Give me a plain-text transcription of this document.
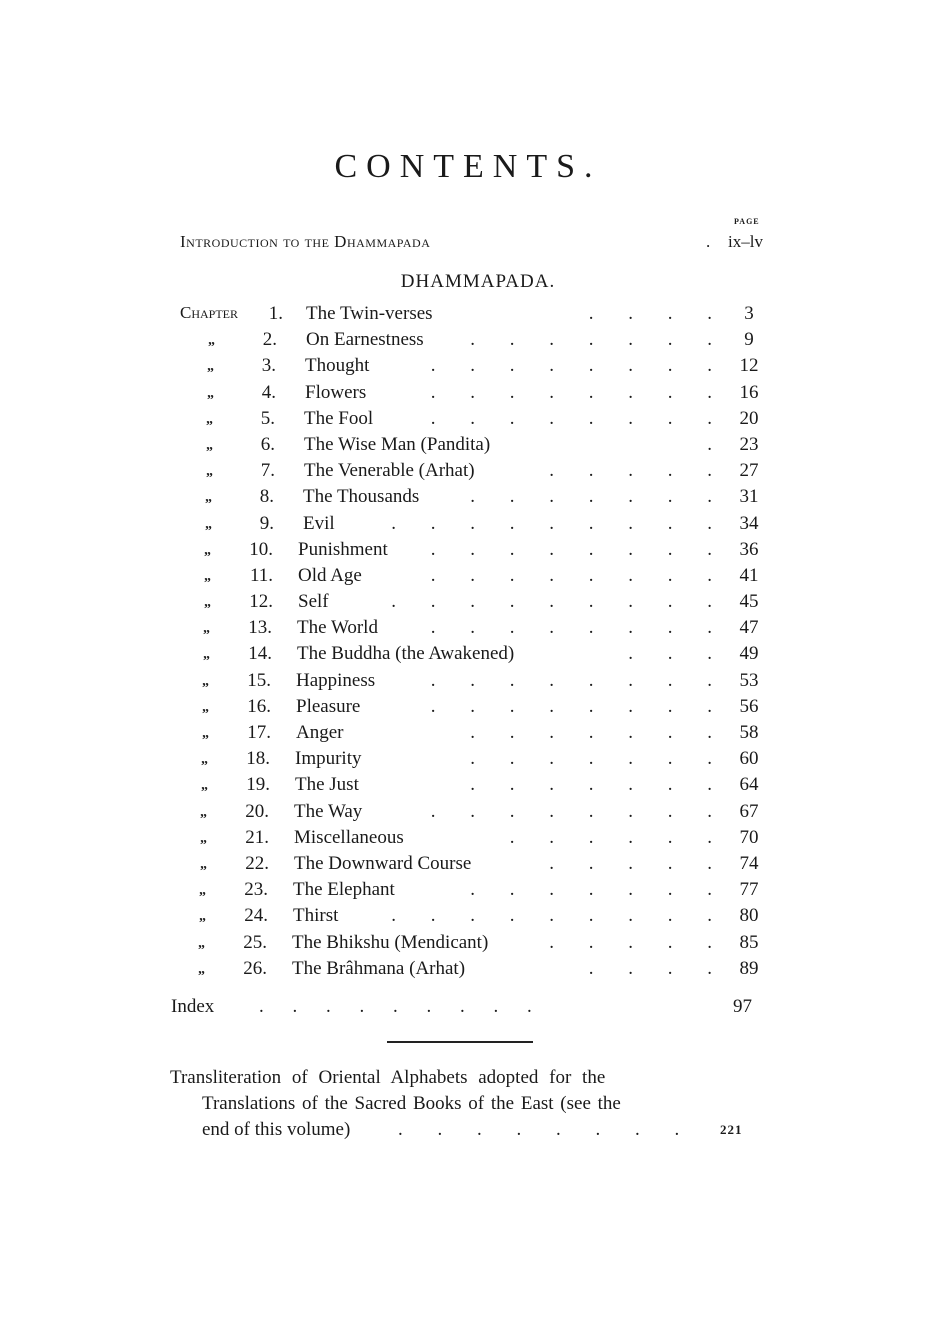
CONTENTS.
PAGE
Introduction to the Dhammapada	. ix–lv
DHAMMAPADA.
Chapter	1. The Twin-verses	. . . .	3
„	2. On Earnestness . . . . . . .	9
„	3. Thought	. . . . . . . .	12
„	4. Flowers	. . . . . . . .	16
„	5. The Fool	. . . . . . . .	20
„	6. The Wise Man (Pandita)	.	23
„	7. The Venerable (Arhat)	. . . . .	27
„	8. The Thousands	. . . . . . .	31
„	9. Evil	. . . . . . . . .	34
„	10. Punishment . . . . . . . .	36
„	11. Old Age	. . . . . . . .	41
„	12. Self	. . . . . . . . .	45
„	13. The World	. . . . . . . .	47
„	14. The Buddha (the Awakened)	. . .	49
„	15. Happiness	. . . . . . . .	53
„	16. Pleasure	. . . . . . . .	56
„	17. Anger	. . . . . . .	58
„	18. Impurity	. . . . . . .	60
„	19. The Just	. . . . . . .	64
„	20. The Way	. . . . . . . .	67
„	21. Miscellaneous	. . . . . .	70
„	22. The Downward Course	. . . . .	74
„	23. The Elephant	. . . . . . .	77
„	24. Thirst	. . . . . . . . .	80
„	25. The Bhikshu (Mendicant)	. . . . .	85
„	26. The Brâhmana (Arhat)	. . . .	89
Index . . . . . . . . .	97
Transliteration of Oriental Alphabets adopted for the
Translations of the Sacred Books of the East (see the
end of this volume)	. . . . . . . .	221
